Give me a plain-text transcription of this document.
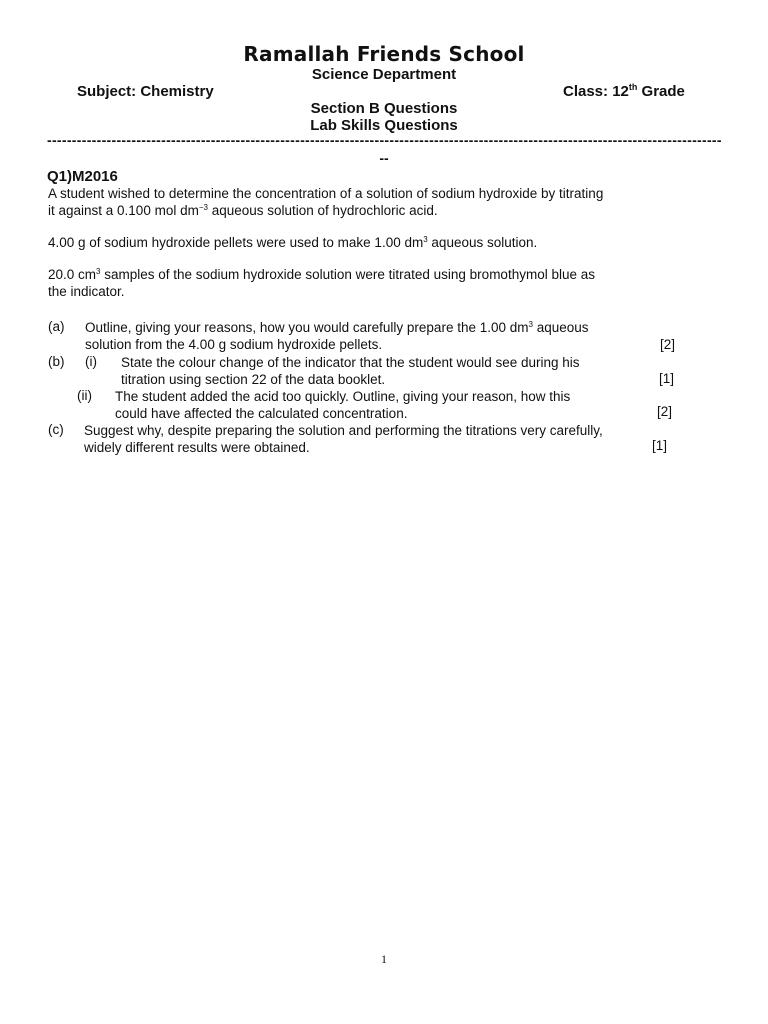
Ramallah Friends School
Science Department
Subject: Chemistry	Class: 12th Grade
Section B Questions
Lab Skills Questions
----------------------------------------------------------------------------------------------------------------------------------------
--
Q1)M2016
A student wished to determine the concentration of a solution of sodium hydroxide by titrating
it against a 0.100 mol $dm^{-3}$ aqueous solution of hydrochloric acid.
4.00 g of sodium hydroxide pellets were used to make 1.00 $dm^3$ aqueous solution.
20.0 $cm^3$ samples of the sodium hydroxide solution were titrated using bromothymol blue as
the indicator.
(a) Outline, giving your reasons, how you would carefully prepare the 1.00 $dm^3$ aqueous
solution from the 4.00 g sodium hydroxide pellets.	[2]
(b) (i) State the colour change of the indicator that the student would see during his
titration using section 22 of the data booklet.	[1]
(ii) The student added the acid too quickly. Outline, giving your reason, how this
could have affected the calculated concentration.	[2]
(c) Suggest why, despite preparing the solution and performing the titrations very carefully,
widely different results were obtained.	[1]
1
